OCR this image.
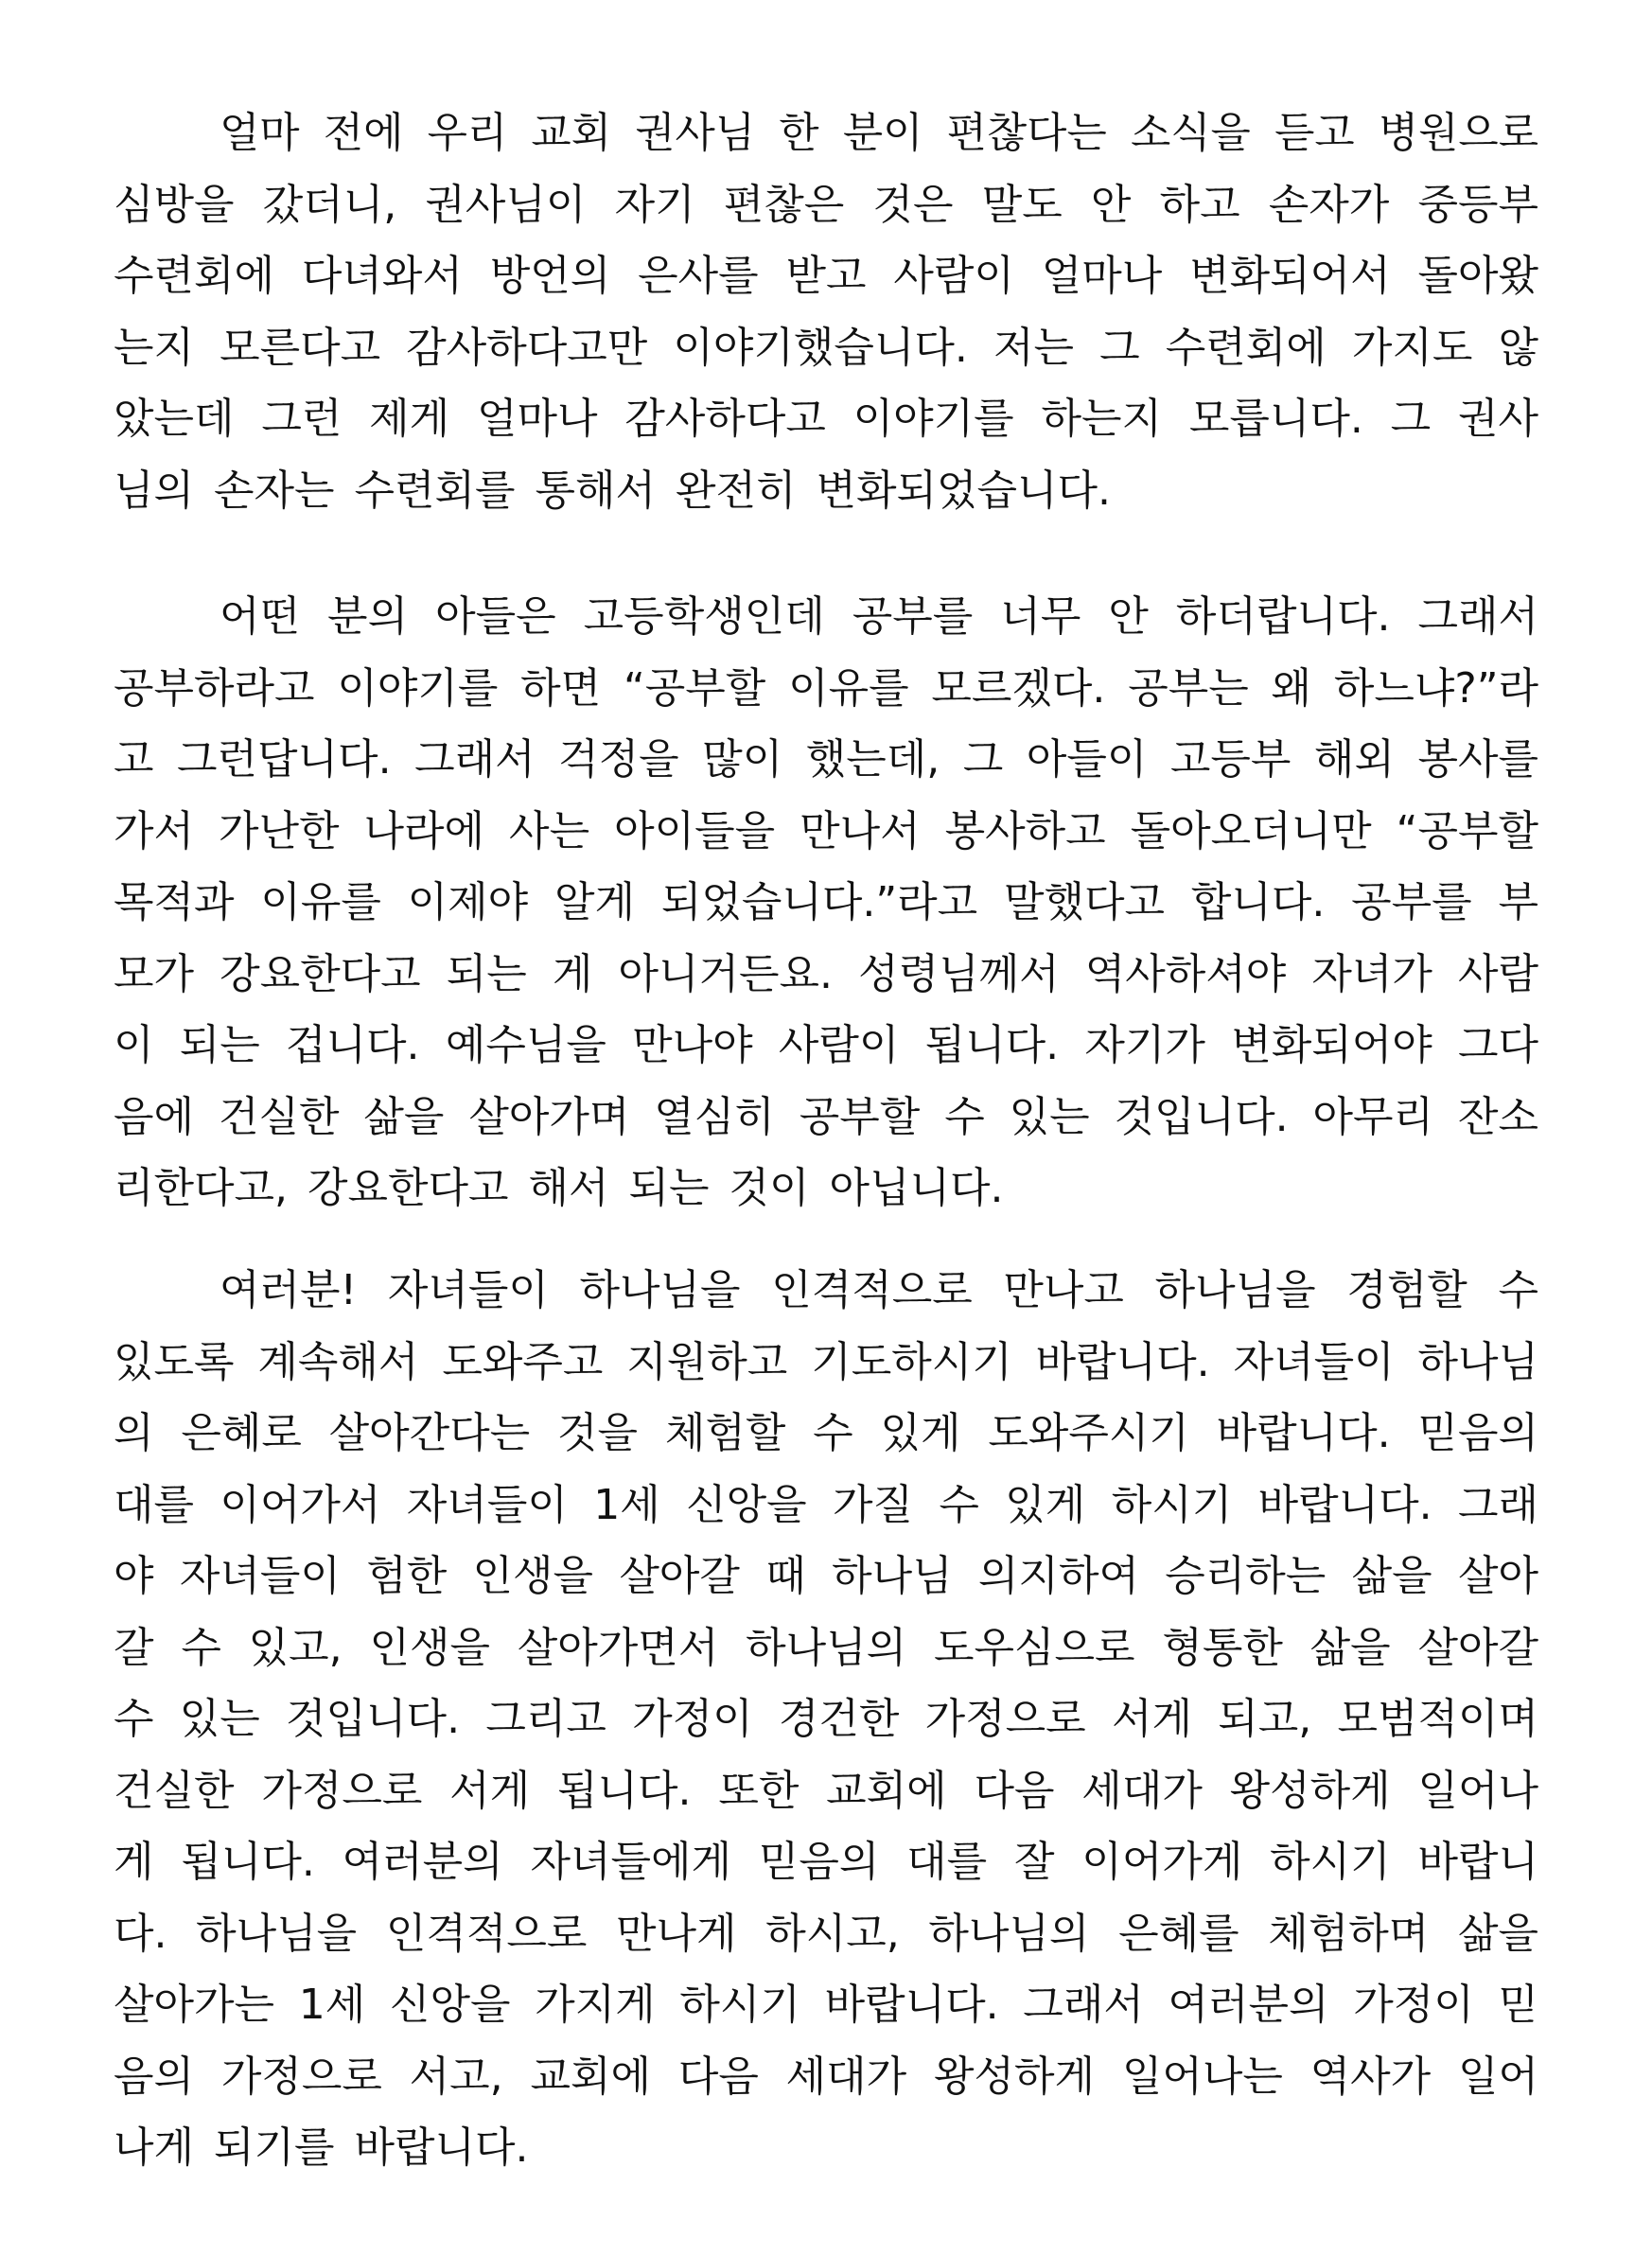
얼마 전에 우리 교회 권사님 한 분이 편찮다는 소식을 듣고 병원으로
심방을 갔더니, 권사님이 자기 편찮은 것은 말도 안 하고 손자가 중등부
수련회에 다녀와서 방언의 은사를 받고 사람이 얼마나 변화되어서 돌아왔
는지 모른다고 감사하다고만 이야기했습니다. 저는 그 수련회에 가지도 않
았는데 그런 제게 얼마나 감사하다고 이야기를 하는지 모릅니다. 그 권사
님의 손자는 수련회를 통해서 완전히 변화되었습니다.
어떤 분의 아들은 고등학생인데 공부를 너무 안 하더랍니다. 그래서
공부하라고 이야기를 하면 “공부할 이유를 모르겠다. 공부는 왜 하느냐?”라
고 그런답니다. 그래서 걱정을 많이 했는데, 그 아들이 고등부 해외 봉사를
가서 가난한 나라에 사는 아이들을 만나서 봉사하고 돌아오더니만 “공부할
목적과 이유를 이제야 알게 되었습니다.”라고 말했다고 합니다. 공부를 부
모가 강요한다고 되는 게 아니거든요. 성령님께서 역사하셔야 자녀가 사람
이 되는 겁니다. 예수님을 만나야 사람이 됩니다. 자기가 변화되어야 그다
음에 건실한 삶을 살아가며 열심히 공부할 수 있는 것입니다. 아무리 잔소
리한다고, 강요한다고 해서 되는 것이 아닙니다.
여러분! 자녀들이 하나님을 인격적으로 만나고 하나님을 경험할 수
있도록 계속해서 도와주고 지원하고 기도하시기 바랍니다. 자녀들이 하나님
의 은혜로 살아간다는 것을 체험할 수 있게 도와주시기 바랍니다. 믿음의
대를 이어가서 자녀들이 1세 신앙을 가질 수 있게 하시기 바랍니다. 그래
야 자녀들이 험한 인생을 살아갈 때 하나님 의지하여 승리하는 삶을 살아
갈 수 있고, 인생을 살아가면서 하나님의 도우심으로 형통한 삶을 살아갈
수 있는 것입니다. 그리고 가정이 경건한 가정으로 서게 되고, 모범적이며
건실한 가정으로 서게 됩니다. 또한 교회에 다음 세대가 왕성하게 일어나
게 됩니다. 여러분의 자녀들에게 믿음의 대를 잘 이어가게 하시기 바랍니
다. 하나님을 인격적으로 만나게 하시고, 하나님의 은혜를 체험하며 삶을
살아가는 1세 신앙을 가지게 하시기 바랍니다. 그래서 여러분의 가정이 믿
음의 가정으로 서고, 교회에 다음 세대가 왕성하게 일어나는 역사가 일어
나게 되기를 바랍니다.
